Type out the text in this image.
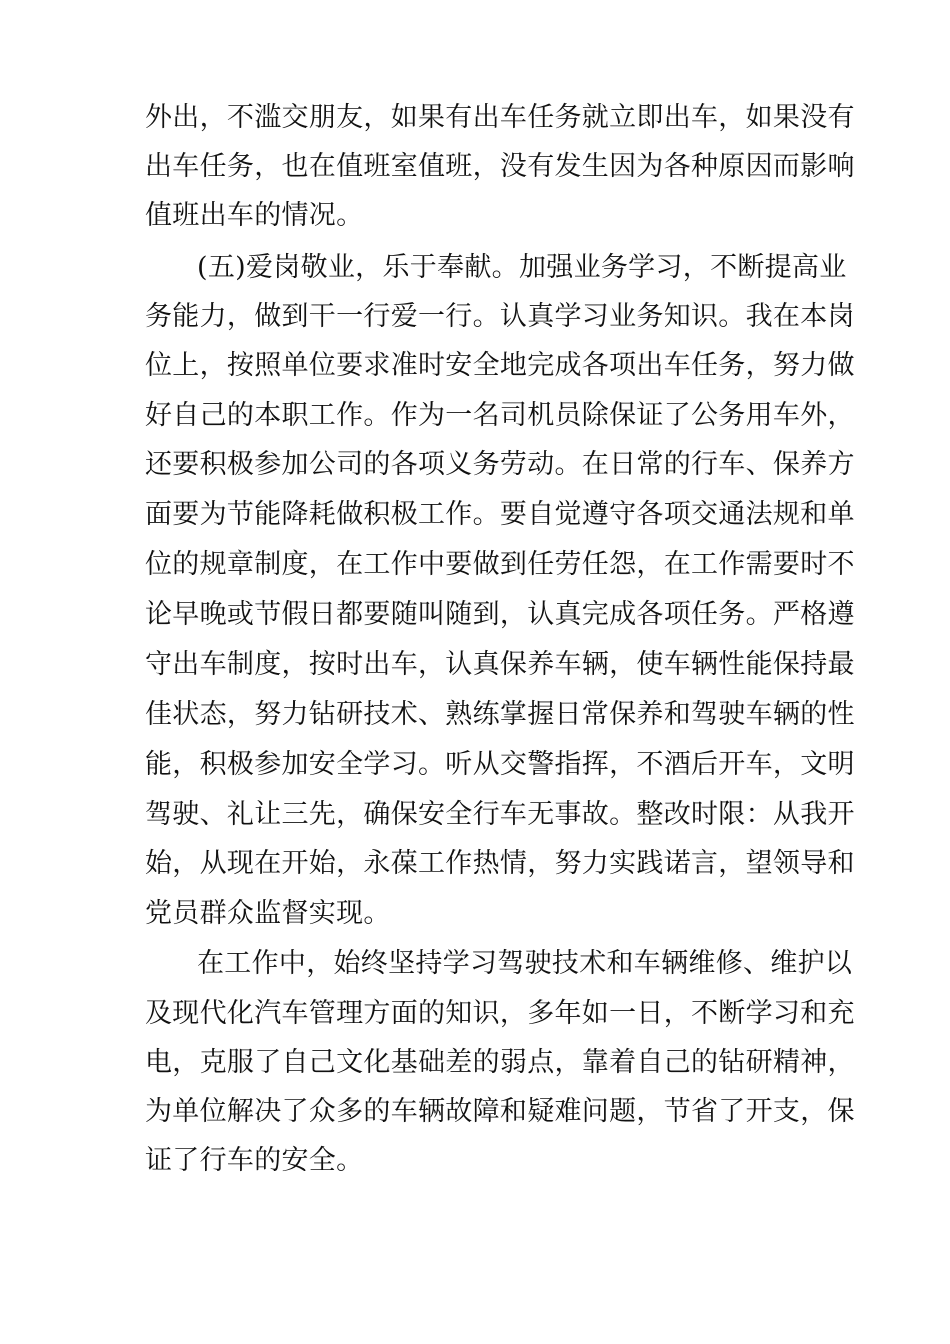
外出，不滥交朋友，如果有出车任务就立即出车，如果没有
出车任务，也在值班室值班，没有发生因为各种原因而影响
值班出车的情况。
(五)爱岗敬业，乐于奉献。加强业务学习，不断提高业
务能力，做到干一行爱一行。认真学习业务知识。我在本岗
位上，按照单位要求准时安全地完成各项出车任务，努力做
好自己的本职工作。作为一名司机员除保证了公务用车外，
还要积极参加公司的各项义务劳动。在日常的行车、保养方
面要为节能降耗做积极工作。要自觉遵守各项交通法规和单
位的规章制度，在工作中要做到任劳任怨，在工作需要时不
论早晚或节假日都要随叫随到，认真完成各项任务。严格遵
守出车制度，按时出车，认真保养车辆，使车辆性能保持最
佳状态，努力钻研技术、熟练掌握日常保养和驾驶车辆的性
能，积极参加安全学习。听从交警指挥，不酒后开车，文明
驾驶、礼让三先，确保安全行车无事故。整改时限：从我开
始，从现在开始，永葆工作热情，努力实践诺言，望领导和
党员群众监督实现。
在工作中，始终坚持学习驾驶技术和车辆维修、维护以
及现代化汽车管理方面的知识，多年如一日，不断学习和充
电，克服了自己文化基础差的弱点，靠着自己的钻研精神，
为单位解决了众多的车辆故障和疑难问题，节省了开支，保
证了行车的安全。
